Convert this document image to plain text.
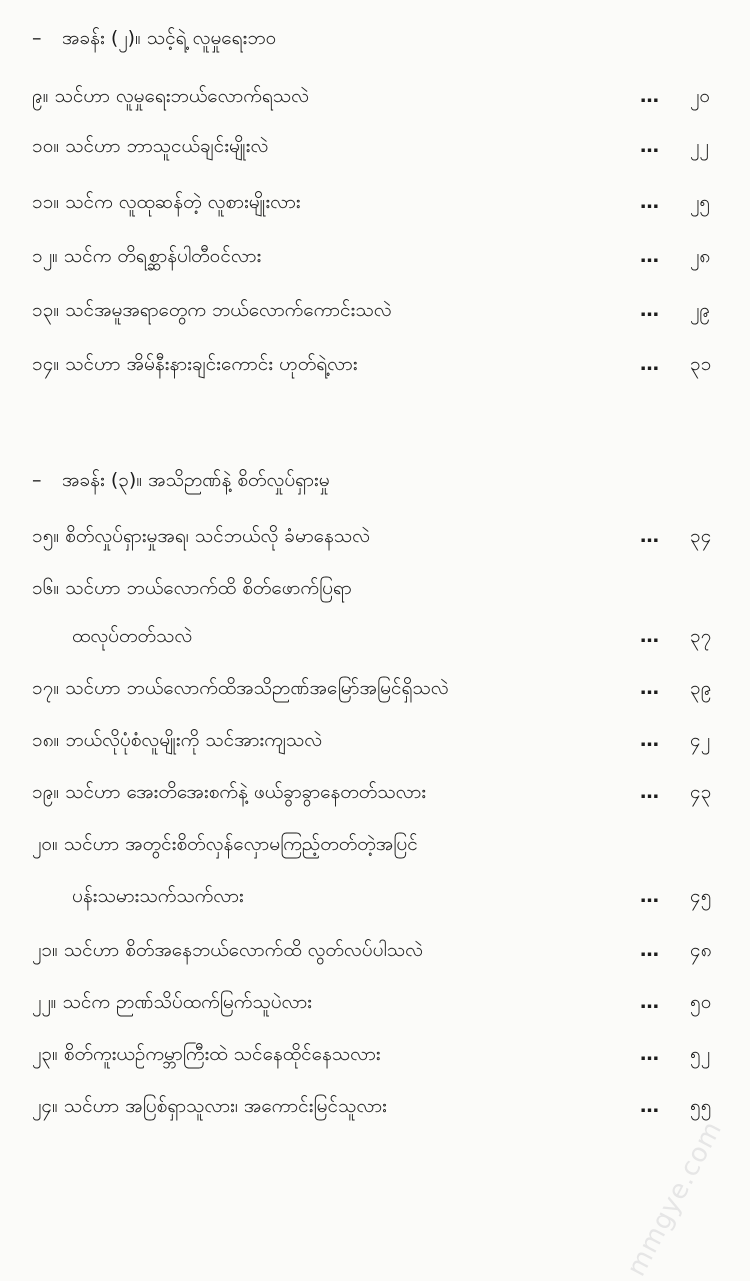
– အခန်း (၂)။ သင့်ရဲ့ လူမှုရေးဘဝ
၉။ သင်ဟာ လူမှုရေးဘယ်လောက်ရသလဲ	… ၂၀
၁၀။ သင်ဟာ ဘာသူငယ်ချင်းမျိုးလဲ	… ၂၂
၁၁။ သင်က လူထုဆန်တဲ့ လူစားမျိုးလား	… ၂၅
၁၂။ သင်က တိရစ္ဆာန်ပါတီဝင်လား	… ၂၈
၁၃။ သင်အမူအရာတွေက ဘယ်လောက်ကောင်းသလဲ	… ၂၉
၁၄။ သင်ဟာ အိမ်နီးနားချင်းကောင်း ဟုတ်ရဲ့လား	… ၃၁
– အခန်း (၃)။ အသိဉာဏ်နဲ့ စိတ်လှုပ်ရှားမှု
၁၅။ စိတ်လှုပ်ရှားမှုအရ၊ သင်ဘယ်လို ခံမာနေသလဲ	… ၃၄
၁၆။ သင်ဟာ ဘယ်လောက်ထိ စိတ်ဖောက်ပြရာ
ထလုပ်တတ်သလဲ	… ၃၇
၁၇။ သင်ဟာ ဘယ်လောက်ထိအသိဉာဏ်အမြော်အမြင်ရှိသလဲ	… ၃၉
၁၈။ ဘယ်လိုပုံစံလူမျိုးကို သင်အားကျသလဲ	… ၄၂
၁၉။ သင်ဟာ အေးတိအေးစက်နဲ့ ဖယ်ခွာခွာနေတတ်သလား	… ၄၃
၂၀။ သင်ဟာ အတွင်းစိတ်လှန်လှောမကြည့်တတ်တဲ့အပြင်
ပန်းသမားသက်သက်လား	… ၄၅
၂၁။ သင်ဟာ စိတ်အနေဘယ်လောက်ထိ လွတ်လပ်ပါသလဲ	… ၄၈
၂၂။ သင်က ဉာဏ်သိပ်ထက်မြက်သူပဲလား	… ၅၀
၂၃။ စိတ်ကူးယဉ်ကမ္ဘာကြီးထဲ သင်နေထိုင်နေသလား	… ၅၂
၂၄။ သင်ဟာ အပြစ်ရှာသူလား၊ အကောင်းမြင်သူလား	… ၅၅
mmgye.com
